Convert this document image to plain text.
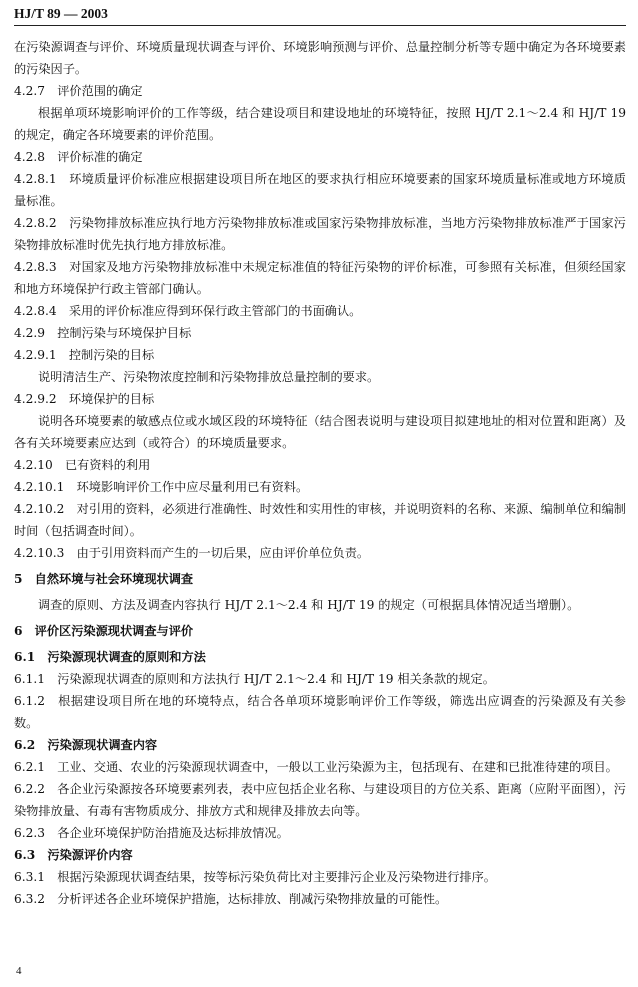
HJ/T 89 — 2003

在污染源调查与评价、环境质量现状调查与评价、环境影响预测与评价、总量控制分析等专题中确定为各环境要素的污染因子。

4.2.7　评价范围的确定

根据单项环境影响评价的工作等级，结合建设项目和建设地址的环境特征，按照 HJ/T 2.1～2.4 和 HJ/T 19 的规定，确定各环境要素的评价范围。

4.2.8　评价标准的确定

4.2.8.1　环境质量评价标准应根据建设项目所在地区的要求执行相应环境要素的国家环境质量标准或地方环境质量标准。

4.2.8.2　污染物排放标准应执行地方污染物排放标准或国家污染物排放标准，当地方污染物排放标准严于国家污染物排放标准时优先执行地方排放标准。

4.2.8.3　对国家及地方污染物排放标准中未规定标准值的特征污染物的评价标准，可参照有关标准，但须经国家和地方环境保护行政主管部门确认。

4.2.8.4　采用的评价标准应得到环保行政主管部门的书面确认。

4.2.9　控制污染与环境保护目标

4.2.9.1　控制污染的目标

说明清洁生产、污染物浓度控制和污染物排放总量控制的要求。

4.2.9.2　环境保护的目标

说明各环境要素的敏感点位或水域区段的环境特征（结合图表说明与建设项目拟建地址的相对位置和距离）及各有关环境要素应达到（或符合）的环境质量要求。

4.2.10　已有资料的利用

4.2.10.1　环境影响评价工作中应尽量利用已有资料。

4.2.10.2　对引用的资料，必须进行准确性、时效性和实用性的审核，并说明资料的名称、来源、编制单位和编制时间（包括调查时间）。

4.2.10.3　由于引用资料而产生的一切后果，应由评价单位负责。

5　自然环境与社会环境现状调查

调查的原则、方法及调查内容执行 HJ/T 2.1～2.4 和 HJ/T 19 的规定（可根据具体情况适当增删）。

6　评价区污染源现状调查与评价

6.1　污染源现状调查的原则和方法

6.1.1　污染源现状调查的原则和方法执行 HJ/T 2.1～2.4 和 HJ/T 19 相关条款的规定。

6.1.2　根据建设项目所在地的环境特点，结合各单项环境影响评价工作等级，筛选出应调查的污染源及有关参数。

6.2　污染源现状调查内容

6.2.1　工业、交通、农业的污染源现状调查中，一般以工业污染源为主，包括现有、在建和已批准待建的项目。

6.2.2　各企业污染源按各环境要素列表，表中应包括企业名称、与建设项目的方位关系、距离（应附平面图），污染物排放量、有毒有害物质成分、排放方式和规律及排放去向等。

6.2.3　各企业环境保护防治措施及达标排放情况。

6.3　污染源评价内容

6.3.1　根据污染源现状调查结果，按等标污染负荷比对主要排污企业及污染物进行排序。

6.3.2　分析评述各企业环境保护措施，达标排放、削减污染物排放量的可能性。

4
